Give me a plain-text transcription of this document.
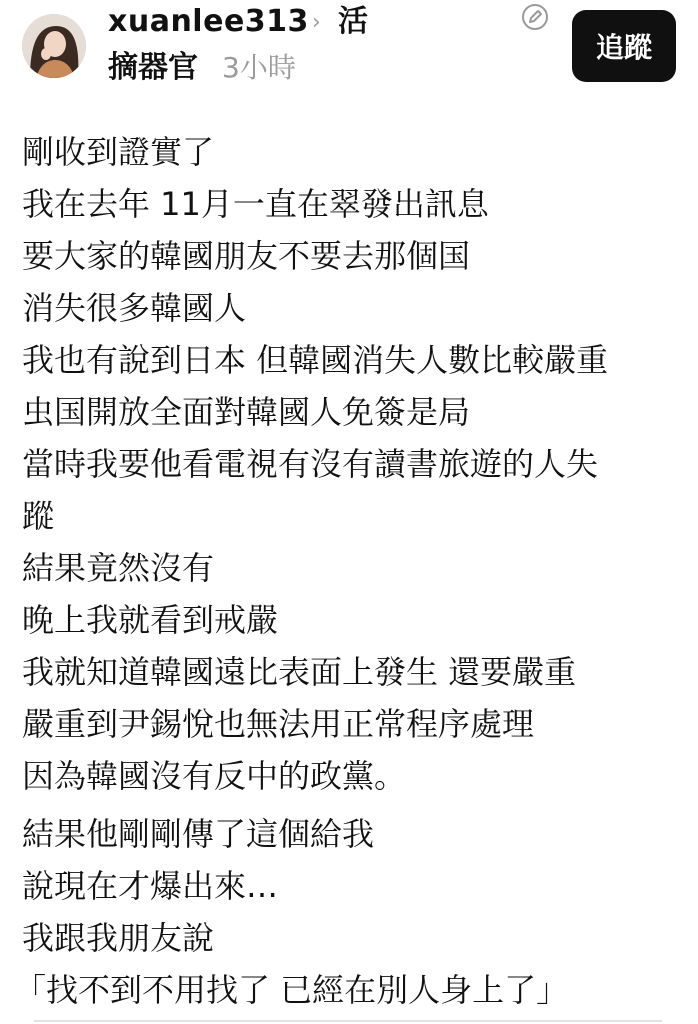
xuanlee313 › 活
摘器官 3小時
追蹤
剛收到證實了
我在去年 11月一直在翠發出訊息
要大家的韓國朋友不要去那個国
消失很多韓國人
我也有說到日本 但韓國消失人數比較嚴重
虫国開放全面對韓國人免簽是局
當時我要他看電視有沒有讀書旅遊的人失
蹤
結果竟然沒有
晚上我就看到戒嚴
我就知道韓國遠比表面上發生 還要嚴重
嚴重到尹錫悅也無法用正常程序處理
因為韓國沒有反中的政黨。
結果他剛剛傳了這個給我
說現在才爆出來…
我跟我朋友說
「找不到不用找了 已經在別人身上了」
